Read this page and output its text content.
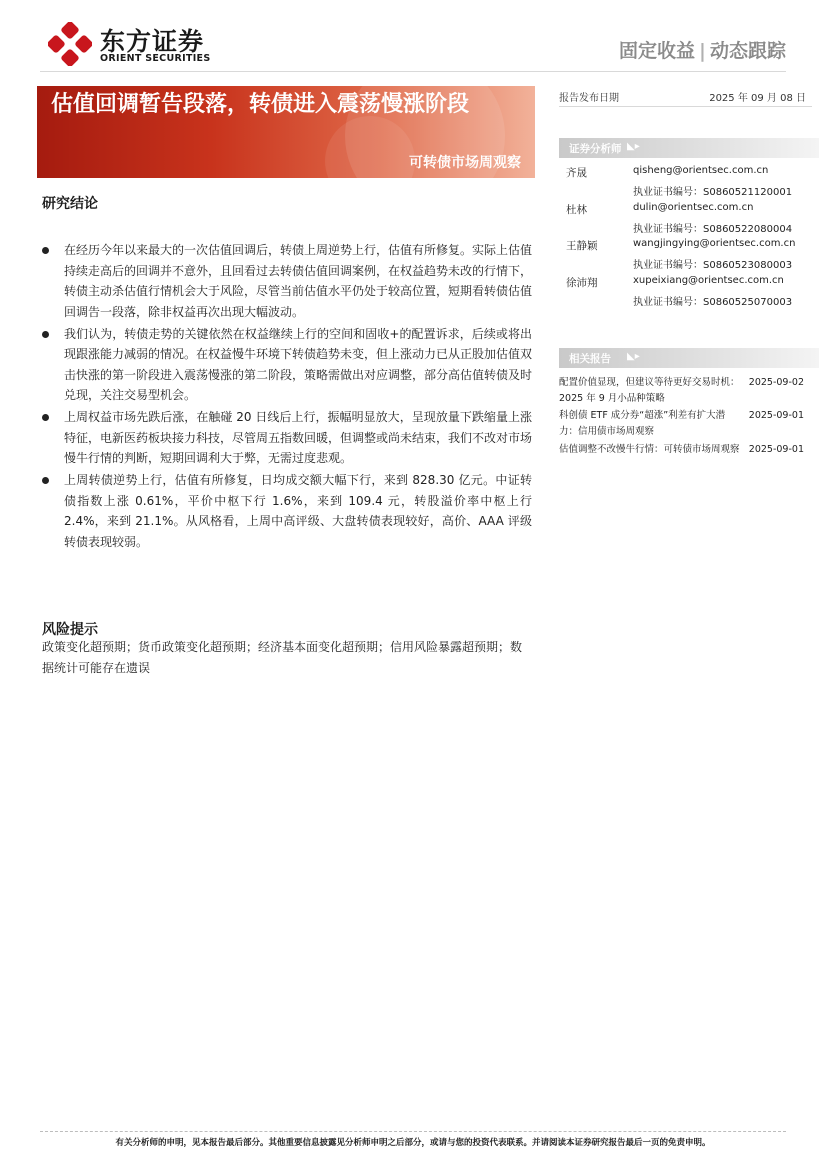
东方证券
ORIENT SECURITIES	固定收益 | 动态跟踪
估值回调暂告段落，转债进入震荡慢涨阶段
可转债市场周观察
研究结论
在经历今年以来最大的一次估值回调后，转债上周逆势上行，估值有所修复。实际上估值持续走高后的回调并不意外，且回看过去转债估值回调案例，在权益趋势未改的行情下，转债主动杀估值行情机会大于风险，尽管当前估值水平仍处于较高位置，短期看转债估值回调告一段落，除非权益再次出现大幅波动。
我们认为，转债走势的关键依然在权益继续上行的空间和固收+的配置诉求，后续或将出现跟涨能力减弱的情况。在权益慢牛环境下转债趋势未变，但上涨动力已从正股加估值双击快涨的第一阶段进入震荡慢涨的第二阶段，策略需做出对应调整，部分高估值转债及时兑现，关注交易型机会。
上周权益市场先跌后涨，在触碰 20 日线后上行，振幅明显放大，呈现放量下跌缩量上涨特征，电新医药板块接力科技，尽管周五指数回暖，但调整或尚未结束，我们不改对市场慢牛行情的判断，短期回调利大于弊，无需过度悲观。
上周转债逆势上行，估值有所修复，日均成交额大幅下行，来到 828.30 亿元。中证转债指数上涨 0.61%，平价中枢下行 1.6%，来到 109.4 元，转股溢价率中枢上行 2.4%，来到 21.1%。从风格看，上周中高评级、大盘转债表现较好，高价、AAA 评级转债表现较弱。
风险提示
政策变化超预期；货币政策变化超预期；经济基本面变化超预期；信用风险暴露超预期；数据统计可能存在遗误
报告发布日期	2025 年 09 月 08 日
证券分析师 ◣▸
齐晟	qisheng@orientsec.com.cn
执业证书编号：S0860521120001
杜林	dulin@orientsec.com.cn
执业证书编号：S0860522080004
王静颖	wangjingying@orientsec.com.cn
执业证书编号：S0860523080003
徐沛翔	xupeixiang@orientsec.com.cn
执业证书编号：S0860525070003
相关报告 ◣▸
配置价值显现，但建议等待更好交易时机：2025 年 9 月小品种策略
2025-09-02
科创债 ETF 成分券“超涨”利差有扩大潜力：信用债市场周观察
2025-09-01
估值调整不改慢牛行情：可转债市场周观察 2025-09-01
有关分析师的申明，见本报告最后部分。其他重要信息披露见分析师申明之后部分，或请与您的投资代表联系。并请阅读本证券研究报告最后一页的免责申明。
